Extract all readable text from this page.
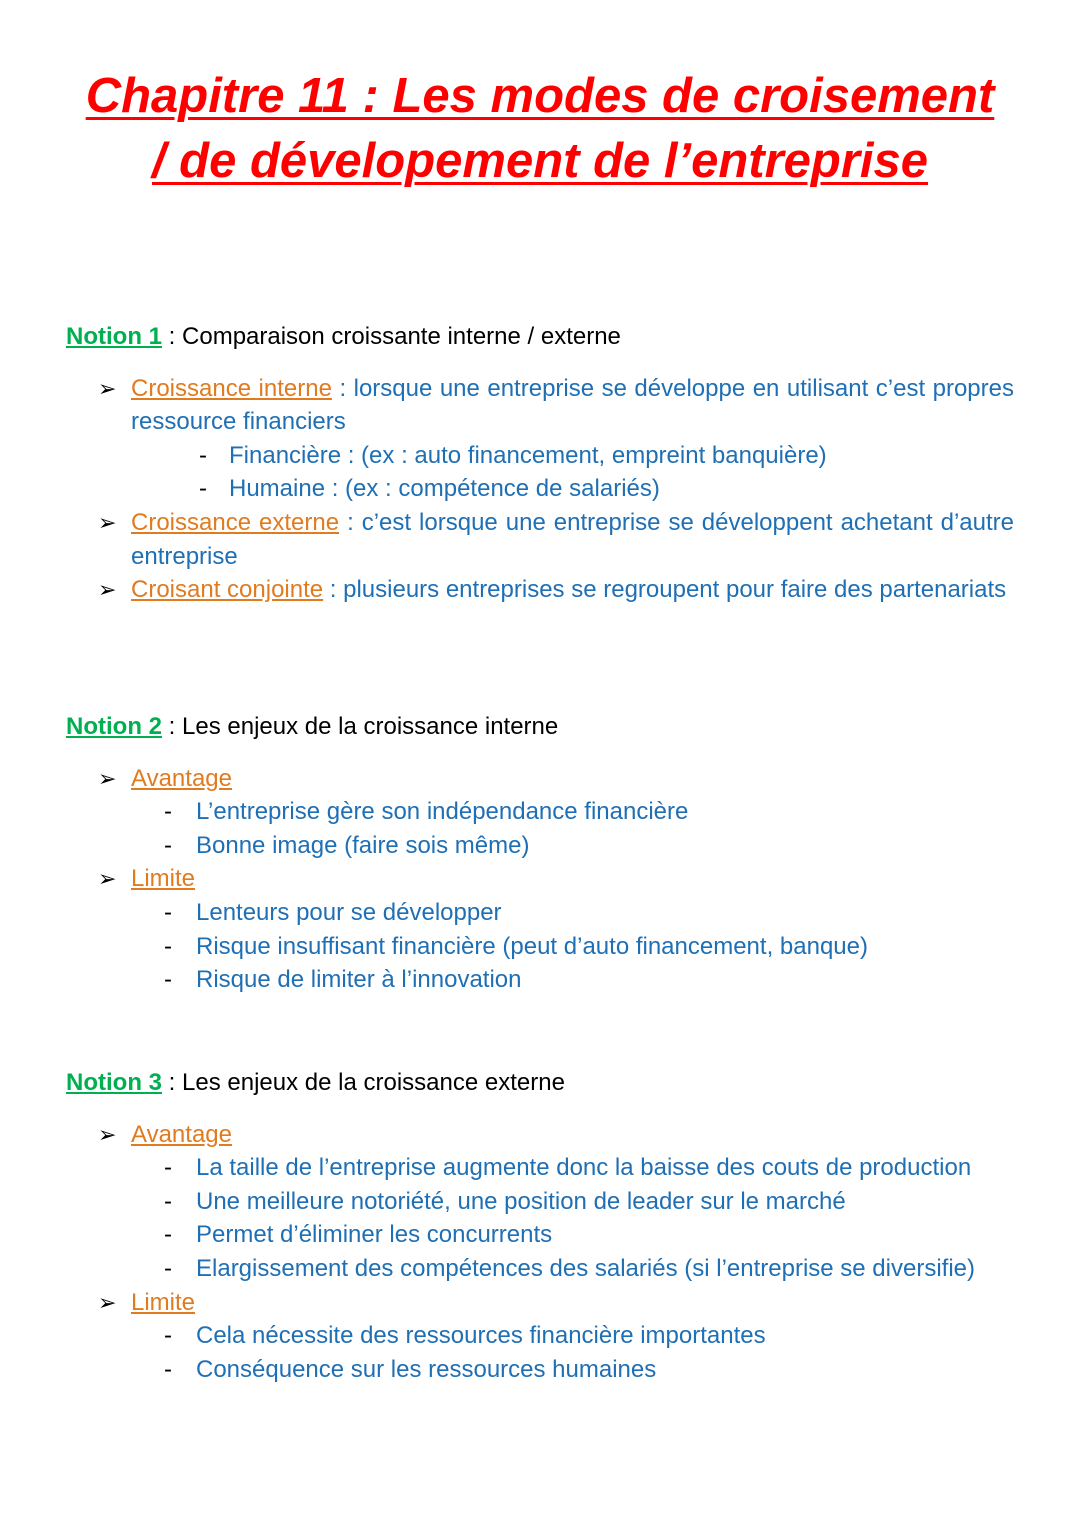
Chapitre 11 : Les modes de croisement
/ de dévelopement de l’entreprise
Notion 1 : Comparaison croissante interne / externe
➢ Croissance interne : lorsque une entreprise se développe en utilisant c’est propres ressource financiers
- Financière : (ex : auto financement, empreint banquière)
- Humaine : (ex : compétence de salariés)
➢ Croissance externe : c’est lorsque une entreprise se développent achetant d’autre entreprise
➢ Croisant conjointe : plusieurs entreprises se regroupent pour faire des partenariats
Notion 2 : Les enjeux de la croissance interne
➢ Avantage
- L’entreprise gère son indépendance financière
- Bonne image (faire sois même)
➢ Limite
- Lenteurs pour se développer
- Risque insuffisant financière (peut d’auto financement, banque)
- Risque de limiter à l’innovation
Notion 3 : Les enjeux de la croissance externe
➢ Avantage
- La taille de l’entreprise augmente donc la baisse des couts de production
- Une meilleure notoriété, une position de leader sur le marché
- Permet d’éliminer les concurrents
- Elargissement des compétences des salariés (si l’entreprise se diversifie)
➢ Limite
- Cela nécessite des ressources financière importantes
- Conséquence sur les ressources humaines
